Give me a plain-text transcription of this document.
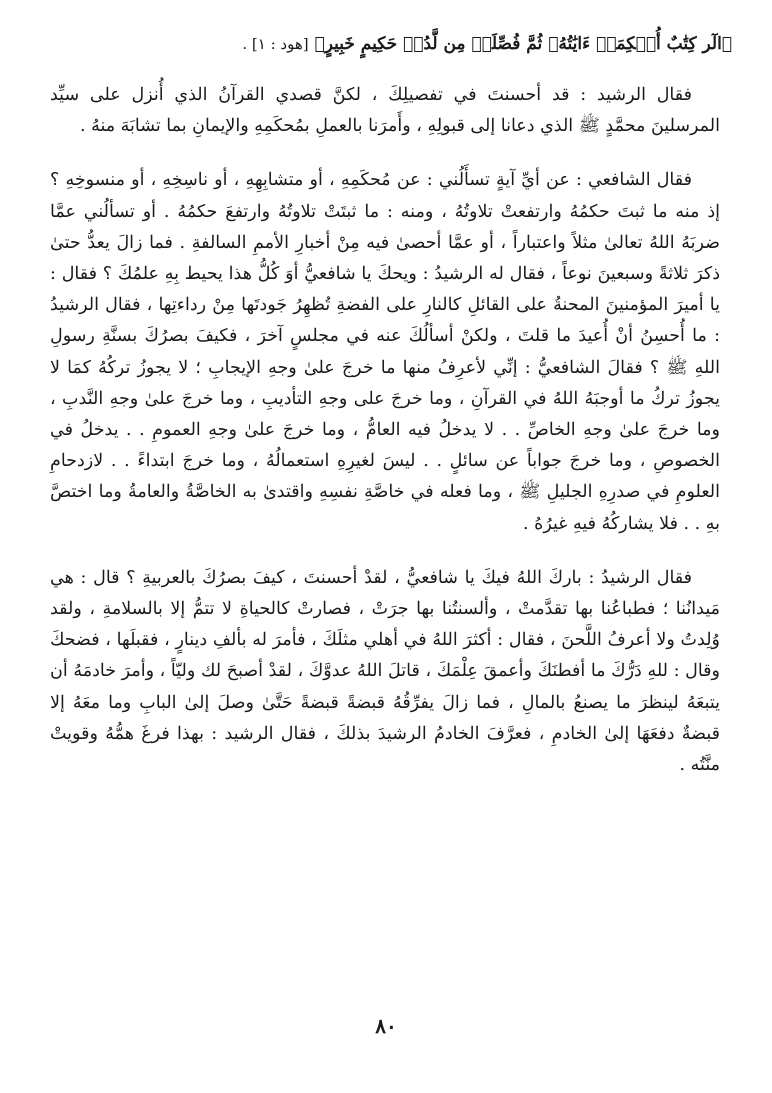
﴿الٓر كِتَٰبٌ أُحۡكِمَتۡ ءَايَٰتُهُۥ ثُمَّ فُصِّلَتۡ مِن لَّدُنۡ حَكِيمٍ خَبِيرٍ﴾ [هود : ١] .

فقال الرشيد : قد أحسنتَ في تفصيلِكَ ، لكنَّ قصدي القرآنُ الذي أُنزل على سيِّد المرسلينَ محمَّدٍ ﷺ الذي دعانا إلى قبولِهِ ، وأَمرَنا بالعملِ بمُحكَمِهِ والإيمانِ بما تشابَهَ منهُ .

فقال الشافعي : عن أيِّ آيةٍ تسأَلُني : عن مُحكَمِهِ ، أو متشابِهِهِ ، أو ناسِخِهِ ، أو منسوخِهِ ؟ إذ منه ما ثبتَ حكمُهُ وارتفعتْ تلاوتُهُ ، ومنه : ما ثبتَتْ تلاوتُهُ وارتفعَ حكمُهُ . أو تسألُني عمَّا ضربَهُ اللهُ تعالىٰ مثلاً واعتباراً ، أو عمَّا أحصىٰ فيه مِنْ أخبارِ الأممِ السالفةِ . فما زالَ يعدُّ حتىٰ ذكرَ ثلاثةً وسبعينَ نوعاً ، فقال له الرشيدُ : ويحكَ يا شافعيُّ أوَ كُلُّ هذا يحيط بِهِ علمُكَ ؟ فقال : يا أميرَ المؤمنينَ المحنةُ على القائلِ كالنارِ على الفضةِ تُظهِرُ جَودتَها مِنْ رداءتِها ، فقال الرشيدُ : ما أُحسِنُ أنْ أُعيدَ ما قلتَ ، ولكنْ أسألُكَ عنه في مجلسٍ آخرَ ، فكيفَ بصرُكَ بسنَّةِ رسولِ اللهِ ﷺ ؟ فقالَ الشافعيُّ : إنِّي لأعرِفُ منها ما خرجَ علىٰ وجهِ الإيجابِ ؛ لا يجوزُ تركُهُ كمَا لا يجوزُ تركُ ما أوجبَهُ اللهُ في القرآنِ ، وما خرجَ على وجهِ التأديبِ ، وما خرجَ علىٰ وجهِ النَّدبِ ، وما خرجَ علىٰ وجهِ الخاصِّ . . لا يدخلُ فيه العامُّ ، وما خرجَ علىٰ وجهِ العمومِ . . يدخلُ في الخصوصِ ، وما خرجَ جواباً عن سائلٍ . . ليسَ لغيرِهِ استعمالُهُ ، وما خرجَ ابتداءً . . لازدحامِ العلومِ في صدرِهِ الجليلِ ﷺ ، وما فعله في خاصَّةِ نفسِهِ واقتدىٰ به الخاصَّةُ والعامةُ وما اختصَّ بهِ . . فلا يشاركُهُ فيهِ غيرُهُ .

فقال الرشيدُ : باركَ اللهُ فيكَ يا شافعيُّ ، لقدْ أحسنتَ ، كيفَ بصرُكَ بالعربيةِ ؟ قال : هي مَيدانُنا ؛ فطباعُنا بها تقدَّمتْ ، وألسنتُنا بها جرَتْ ، فصارتْ كالحياةِ لا تتمُّ إلا بالسلامةِ ، ولقد وُلِدتُ ولا أعرفُ اللَّحنَ ، فقال : أكثرَ اللهُ في أهلي مثلَكَ ، فأمرَ له بألفِ دينارٍ ، فقبلَها ، فضحكَ وقال : للهِ دَرُّكَ ما أفطنَكَ وأعمقَ عِلْمَكَ ، قاتلَ اللهُ عدوَّكَ ، لقدْ أصبحَ لك وليّاً ، وأمرَ خادمَهُ أن يتبعَهُ لينظرَ ما يصنعُ بالمالِ ، فما زالَ يفرِّقُهُ قبضةً قبضةً حَتَّىٰ وصلَ إلىٰ البابِ وما معَهُ إلا قبضةٌ دفعَهَا إلىٰ الخادمِ ، فعرَّفَ الخادمُ الرشيدَ بذلكَ ، فقال الرشيد : بهذا فرغَ همُّهُ وقويتْ منَّتُه .

٨٠
